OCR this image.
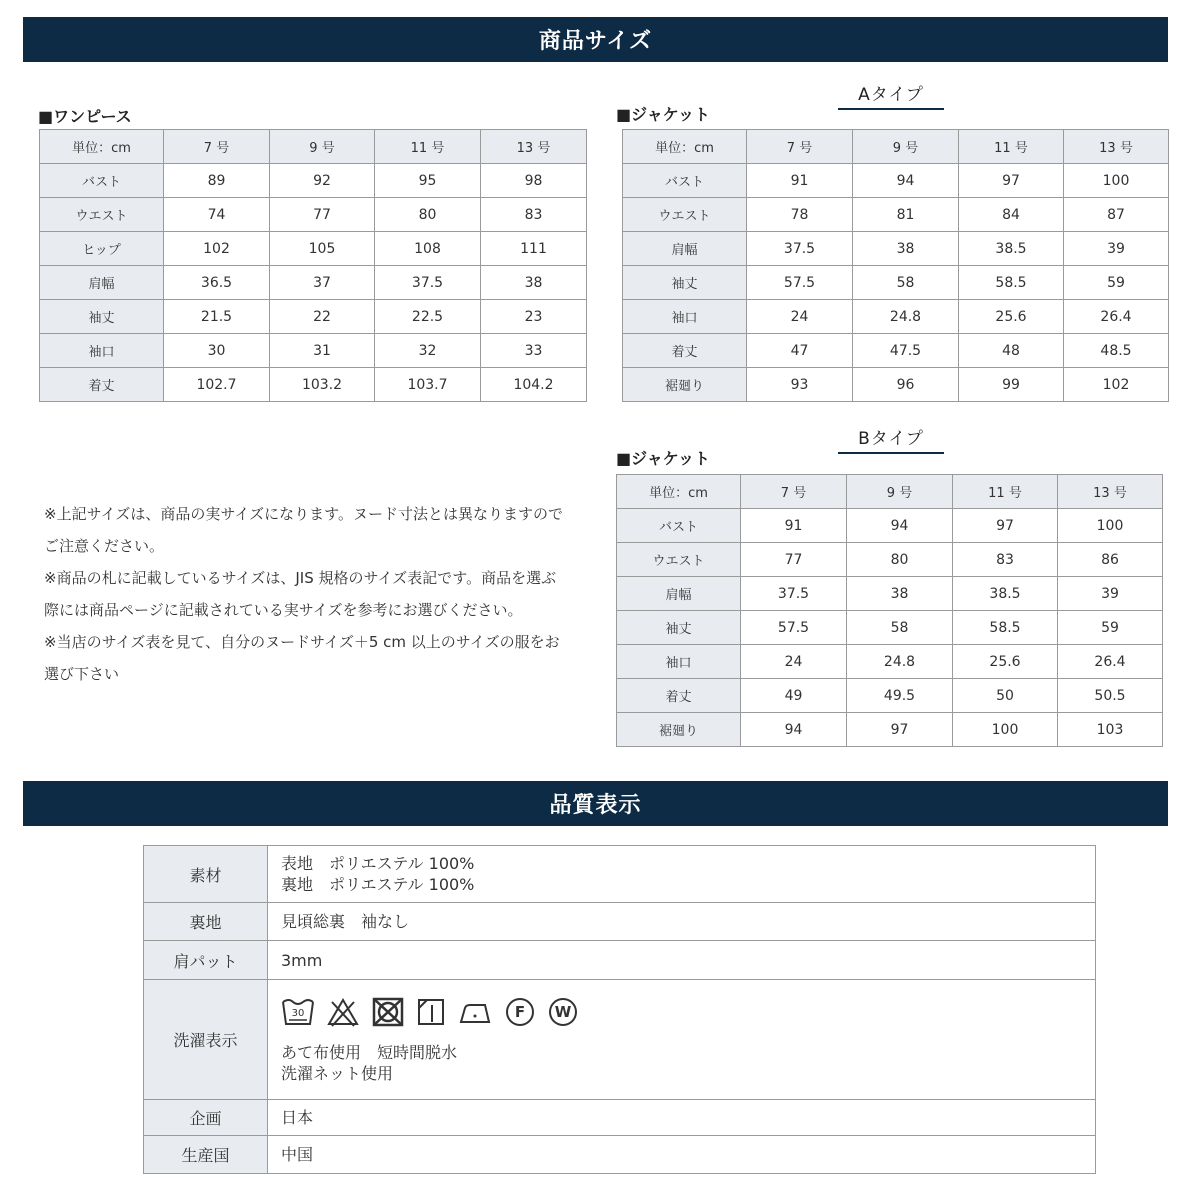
商品サイズ
■ワンピース
単位：cm	7 号	9 号	11 号	13 号
バスト	89	92	95	98
ウエスト	74	77	80	83
ヒップ	102	105	108	111
肩幅	36.5	37	37.5	38
袖丈	21.5	22	22.5	23
袖口	30	31	32	33
着丈	102.7	103.2	103.7	104.2
Aタイプ
■ジャケット
単位：cm	7 号	9 号	11 号	13 号
バスト	91	94	97	100
ウエスト	78	81	84	87
肩幅	37.5	38	38.5	39
袖丈	57.5	58	58.5	59
袖口	24	24.8	25.6	26.4
着丈	47	47.5	48	48.5
裾廻り	93	96	99	102
Bタイプ
■ジャケット
単位：cm	7 号	9 号	11 号	13 号
バスト	91	94	97	100
ウエスト	77	80	83	86
肩幅	37.5	38	38.5	39
袖丈	57.5	58	58.5	59
袖口	24	24.8	25.6	26.4
着丈	49	49.5	50	50.5
裾廻り	94	97	100	103

※上記サイズは、商品の実サイズになります。ヌード寸法とは異なりますので

ご注意ください。

※商品の札に記載しているサイズは、JIS 規格のサイズ表記です。商品を選ぶ

際には商品ページに記載されている実サイズを参考にお選びください。

※当店のサイズ表を見て、自分のヌードサイズ＋5 cm 以上のサイズの服をお

選び下さい

品質表示
素材	表地　ポリエステル 100%
裏地　ポリエステル 100%

裏地	見頃総裏　袖なし
肩パット	3mm
洗濯表示	30 F W
あて布使用　短時間脱水
洗濯ネット使用

企画	日本
生産国	中国
